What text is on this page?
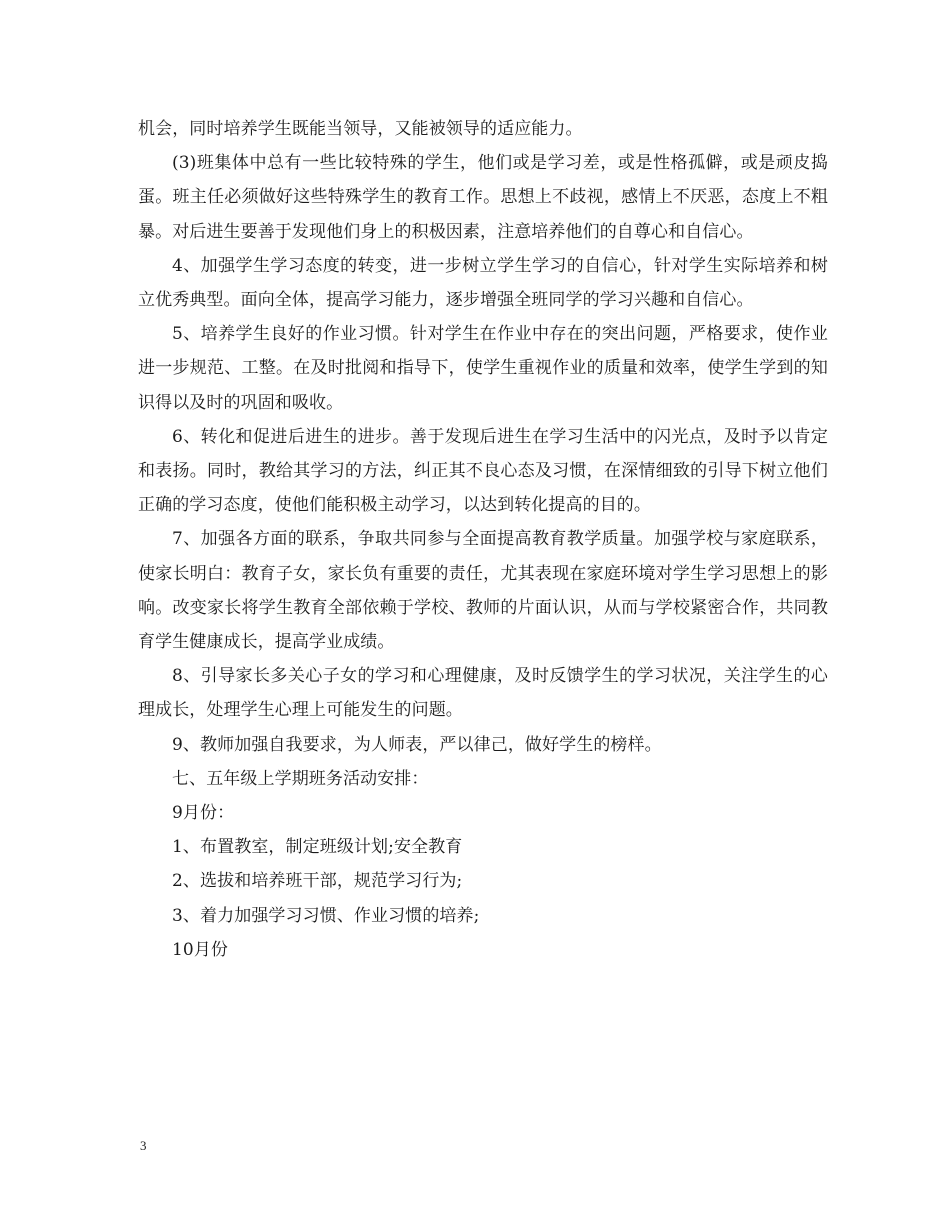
机会，同时培养学生既能当领导，又能被领导的适应能力。

(3)班集体中总有一些比较特殊的学生，他们或是学习差，或是性格孤僻，或是顽皮捣蛋。班主任必须做好这些特殊学生的教育工作。思想上不歧视，感情上不厌恶，态度上不粗暴。对后进生要善于发现他们身上的积极因素，注意培养他们的自尊心和自信心。

4、加强学生学习态度的转变，进一步树立学生学习的自信心，针对学生实际培养和树立优秀典型。面向全体，提高学习能力，逐步增强全班同学的学习兴趣和自信心。

5、培养学生良好的作业习惯。针对学生在作业中存在的突出问题，严格要求，使作业进一步规范、工整。在及时批阅和指导下，使学生重视作业的质量和效率，使学生学到的知识得以及时的巩固和吸收。

6、转化和促进后进生的进步。善于发现后进生在学习生活中的闪光点，及时予以肯定和表扬。同时，教给其学习的方法，纠正其不良心态及习惯，在深情细致的引导下树立他们正确的学习态度，使他们能积极主动学习，以达到转化提高的目的。

7、加强各方面的联系，争取共同参与全面提高教育教学质量。加强学校与家庭联系，使家长明白：教育子女，家长负有重要的责任，尤其表现在家庭环境对学生学习思想上的影响。改变家长将学生教育全部依赖于学校、教师的片面认识，从而与学校紧密合作，共同教育学生健康成长，提高学业成绩。

8、引导家长多关心子女的学习和心理健康，及时反馈学生的学习状况，关注学生的心理成长，处理学生心理上可能发生的问题。

9、教师加强自我要求，为人师表，严以律己，做好学生的榜样。

七、五年级上学期班务活动安排：

9月份：

1、布置教室，制定班级计划;安全教育

2、选拔和培养班干部，规范学习行为;

3、着力加强学习习惯、作业习惯的培养;

10月份

3
